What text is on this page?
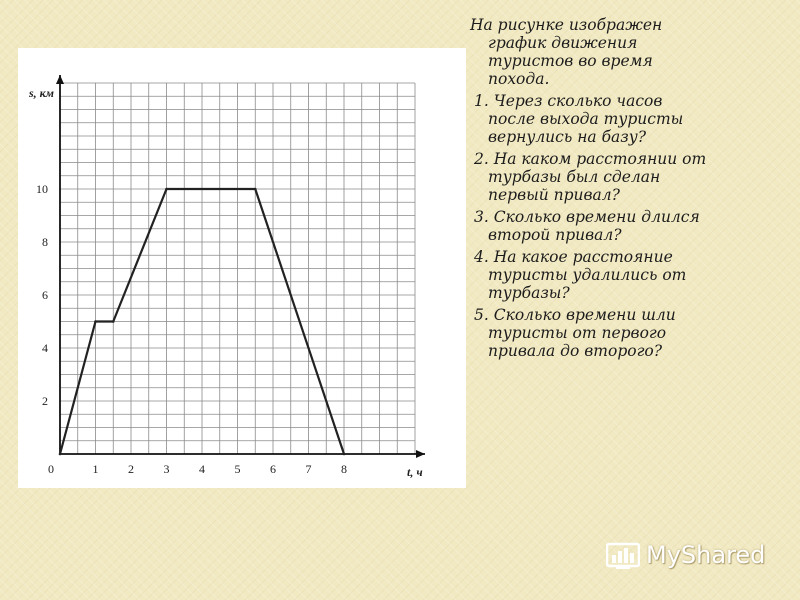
0	1 2 3 4 5 6 7 8
2
4
6
8
10
t, ч
s, км

На рисунке изображен график движения туристов во время похода.

1. Через сколько часов после выхода туристы вернулись на базу?

2. На каком расстоянии от турбазы был сделан первый привал?

3. Сколько времени длился второй привал?

4. На какое расстояние туристы удалились от турбазы?

5. Сколько времени шли туристы от первого привала до второго?

MyShared
